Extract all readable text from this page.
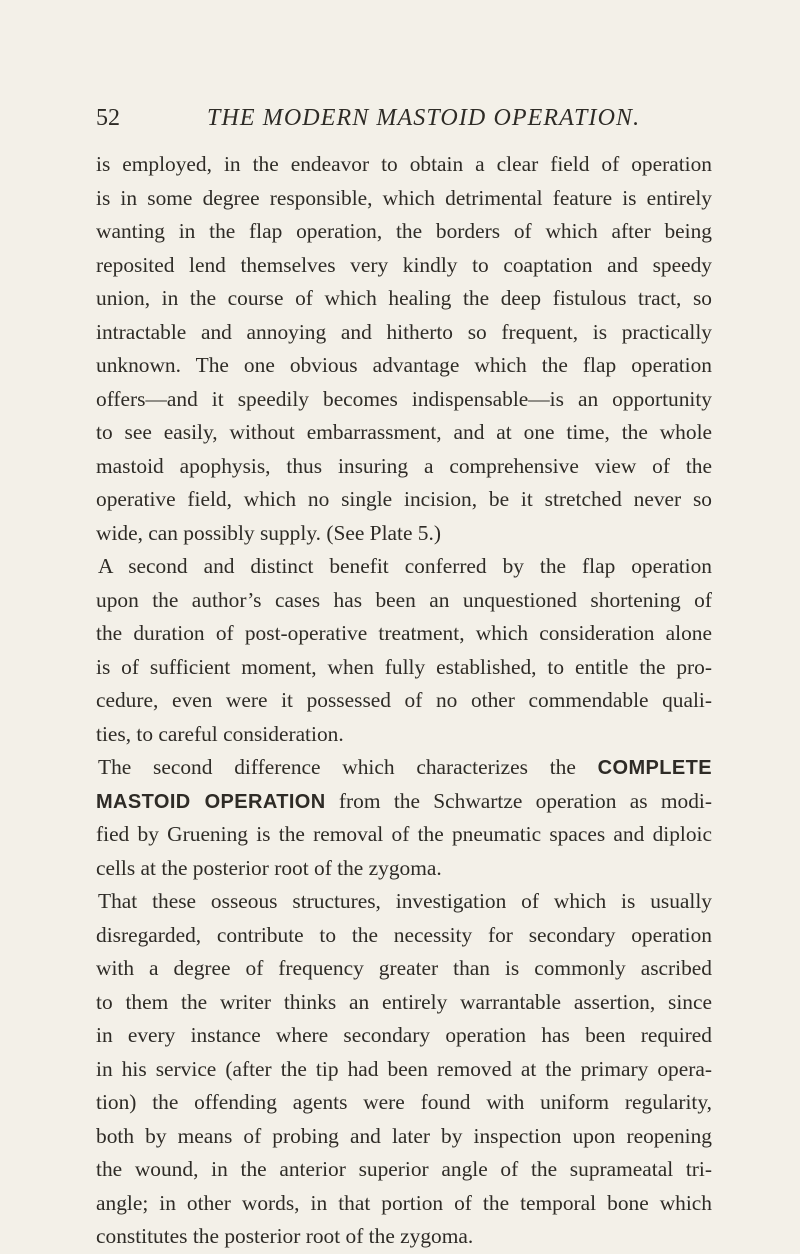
52	THE MODERN MASTOID OPERATION.
is employed, in the endeavor to obtain a clear field of operation
is in some degree responsible, which detrimental feature is entirely
wanting in the flap operation, the borders of which after being
reposited lend themselves very kindly to coaptation and speedy
union, in the course of which healing the deep fistulous tract, so
intractable and annoying and hitherto so frequent, is practically
unknown. The one obvious advantage which the flap operation
offers—and it speedily becomes indispensable—is an opportunity
to see easily, without embarrassment, and at one time, the whole
mastoid apophysis, thus insuring a comprehensive view of the
operative field, which no single incision, be it stretched never so
wide, can possibly supply. (See Plate 5.)
A second and distinct benefit conferred by the flap operation
upon the author’s cases has been an unquestioned shortening of
the duration of post-operative treatment, which consideration alone
is of sufficient moment, when fully established, to entitle the pro-
cedure, even were it possessed of no other commendable quali-
ties, to careful consideration.
The second difference which characterizes the COMPLETE
MASTOID OPERATION from the Schwartze operation as modi-
fied by Gruening is the removal of the pneumatic spaces and diploic
cells at the posterior root of the zygoma.
That these osseous structures, investigation of which is usually
disregarded, contribute to the necessity for secondary operation
with a degree of frequency greater than is commonly ascribed
to them the writer thinks an entirely warrantable assertion, since
in every instance where secondary operation has been required
in his service (after the tip had been removed at the primary opera-
tion) the offending agents were found with uniform regularity,
both by means of probing and later by inspection upon reopening
the wound, in the anterior superior angle of the suprameatal tri-
angle; in other words, in that portion of the temporal bone which
constitutes the posterior root of the zygoma.
